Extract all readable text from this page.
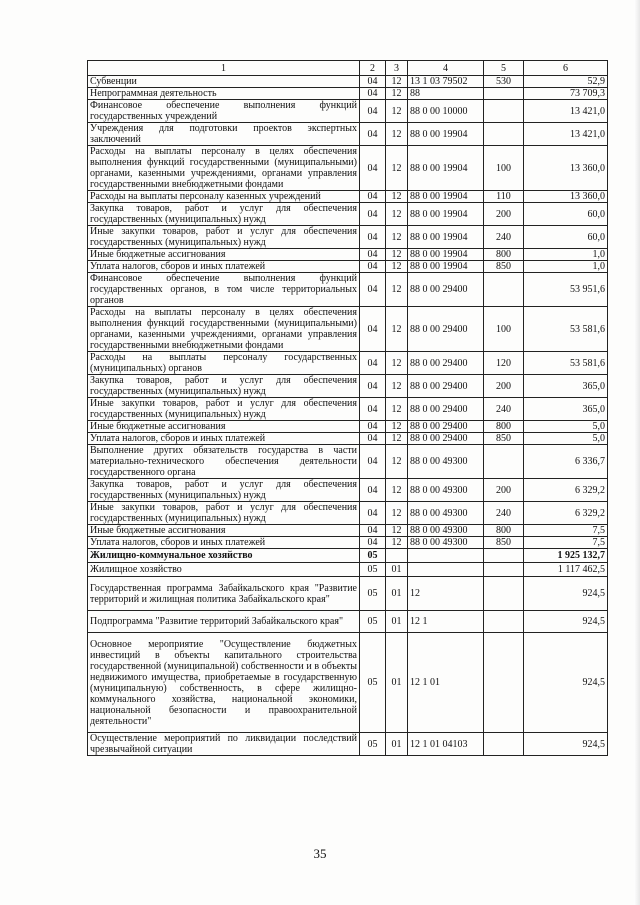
1	2	3	4	5	6
Субвенции	04	12	13 1 03 79502	530	52,9
Непрограммная деятельность	04	12	88		73 709,3
Финансовое обеспечение выполнения функций государственных учреждений	04	12	88 0 00 10000		13 421,0
Учреждения для подготовки проектов экспертных заключений	04	12	88 0 00 19904		13 421,0
Расходы на выплаты персоналу в целях обеспечения выполнения функций государственными (муниципальными) органами, казенными учреждениями, органами управления государственными внебюджетными фондами	04	12	88 0 00 19904	100	13 360,0
Расходы на выплаты персоналу казенных учреждений	04	12	88 0 00 19904	110	13 360,0
Закупка товаров, работ и услуг для обеспечения государственных (муниципальных) нужд	04	12	88 0 00 19904	200	60,0
Иные закупки товаров, работ и услуг для обеспечения государственных (муниципальных) нужд	04	12	88 0 00 19904	240	60,0
Иные бюджетные ассигнования	04	12	88 0 00 19904	800	1,0
Уплата налогов, сборов и иных платежей	04	12	88 0 00 19904	850	1,0
Финансовое обеспечение выполнения функций государственных органов, в том числе территориальных органов	04	12	88 0 00 29400		53 951,6
Расходы на выплаты персоналу в целях обеспечения выполнения функций государственными (муниципальными) органами, казенными учреждениями, органами управления государственными внебюджетными фондами	04	12	88 0 00 29400	100	53 581,6
Расходы на выплаты персоналу государственных (муниципальных) органов	04	12	88 0 00 29400	120	53 581,6
Закупка товаров, работ и услуг для обеспечения государственных (муниципальных) нужд	04	12	88 0 00 29400	200	365,0
Иные закупки товаров, работ и услуг для обеспечения государственных (муниципальных) нужд	04	12	88 0 00 29400	240	365,0
Иные бюджетные ассигнования	04	12	88 0 00 29400	800	5,0
Уплата налогов, сборов и иных платежей	04	12	88 0 00 29400	850	5,0
Выполнение других обязательств государства в части материально-технического обеспечения деятельности государственного органа	04	12	88 0 00 49300		6 336,7
Закупка товаров, работ и услуг для обеспечения государственных (муниципальных) нужд	04	12	88 0 00 49300	200	6 329,2
Иные закупки товаров, работ и услуг для обеспечения государственных (муниципальных) нужд	04	12	88 0 00 49300	240	6 329,2
Иные бюджетные ассигнования	04	12	88 0 00 49300	800	7,5
Уплата налогов, сборов и иных платежей	04	12	88 0 00 49300	850	7,5
Жилищно-коммунальное хозяйство	05				1 925 132,7
Жилищное хозяйство	05	01			1 117 462,5
Государственная программа Забайкальского края "Развитие территорий и жилищная политика Забайкальского края"	05	01	12		924,5
Подпрограмма "Развитие территорий Забайкальского края"	05	01	12 1		924,5
Основное мероприятие "Осуществление бюджетных инвестиций в объекты капитального строительства государственной (муниципальной) собственности и в объекты недвижимого имущества, приобретаемые в государственную (муниципальную) собственность, в сфере жилищно-коммунального хозяйства, национальной экономики, национальной безопасности и правоохранительной деятельности"	05	01	12 1 01		924,5
Осуществление мероприятий по ликвидации последствий чрезвычайной ситуации	05	01	12 1 01 04103		924,5
35
